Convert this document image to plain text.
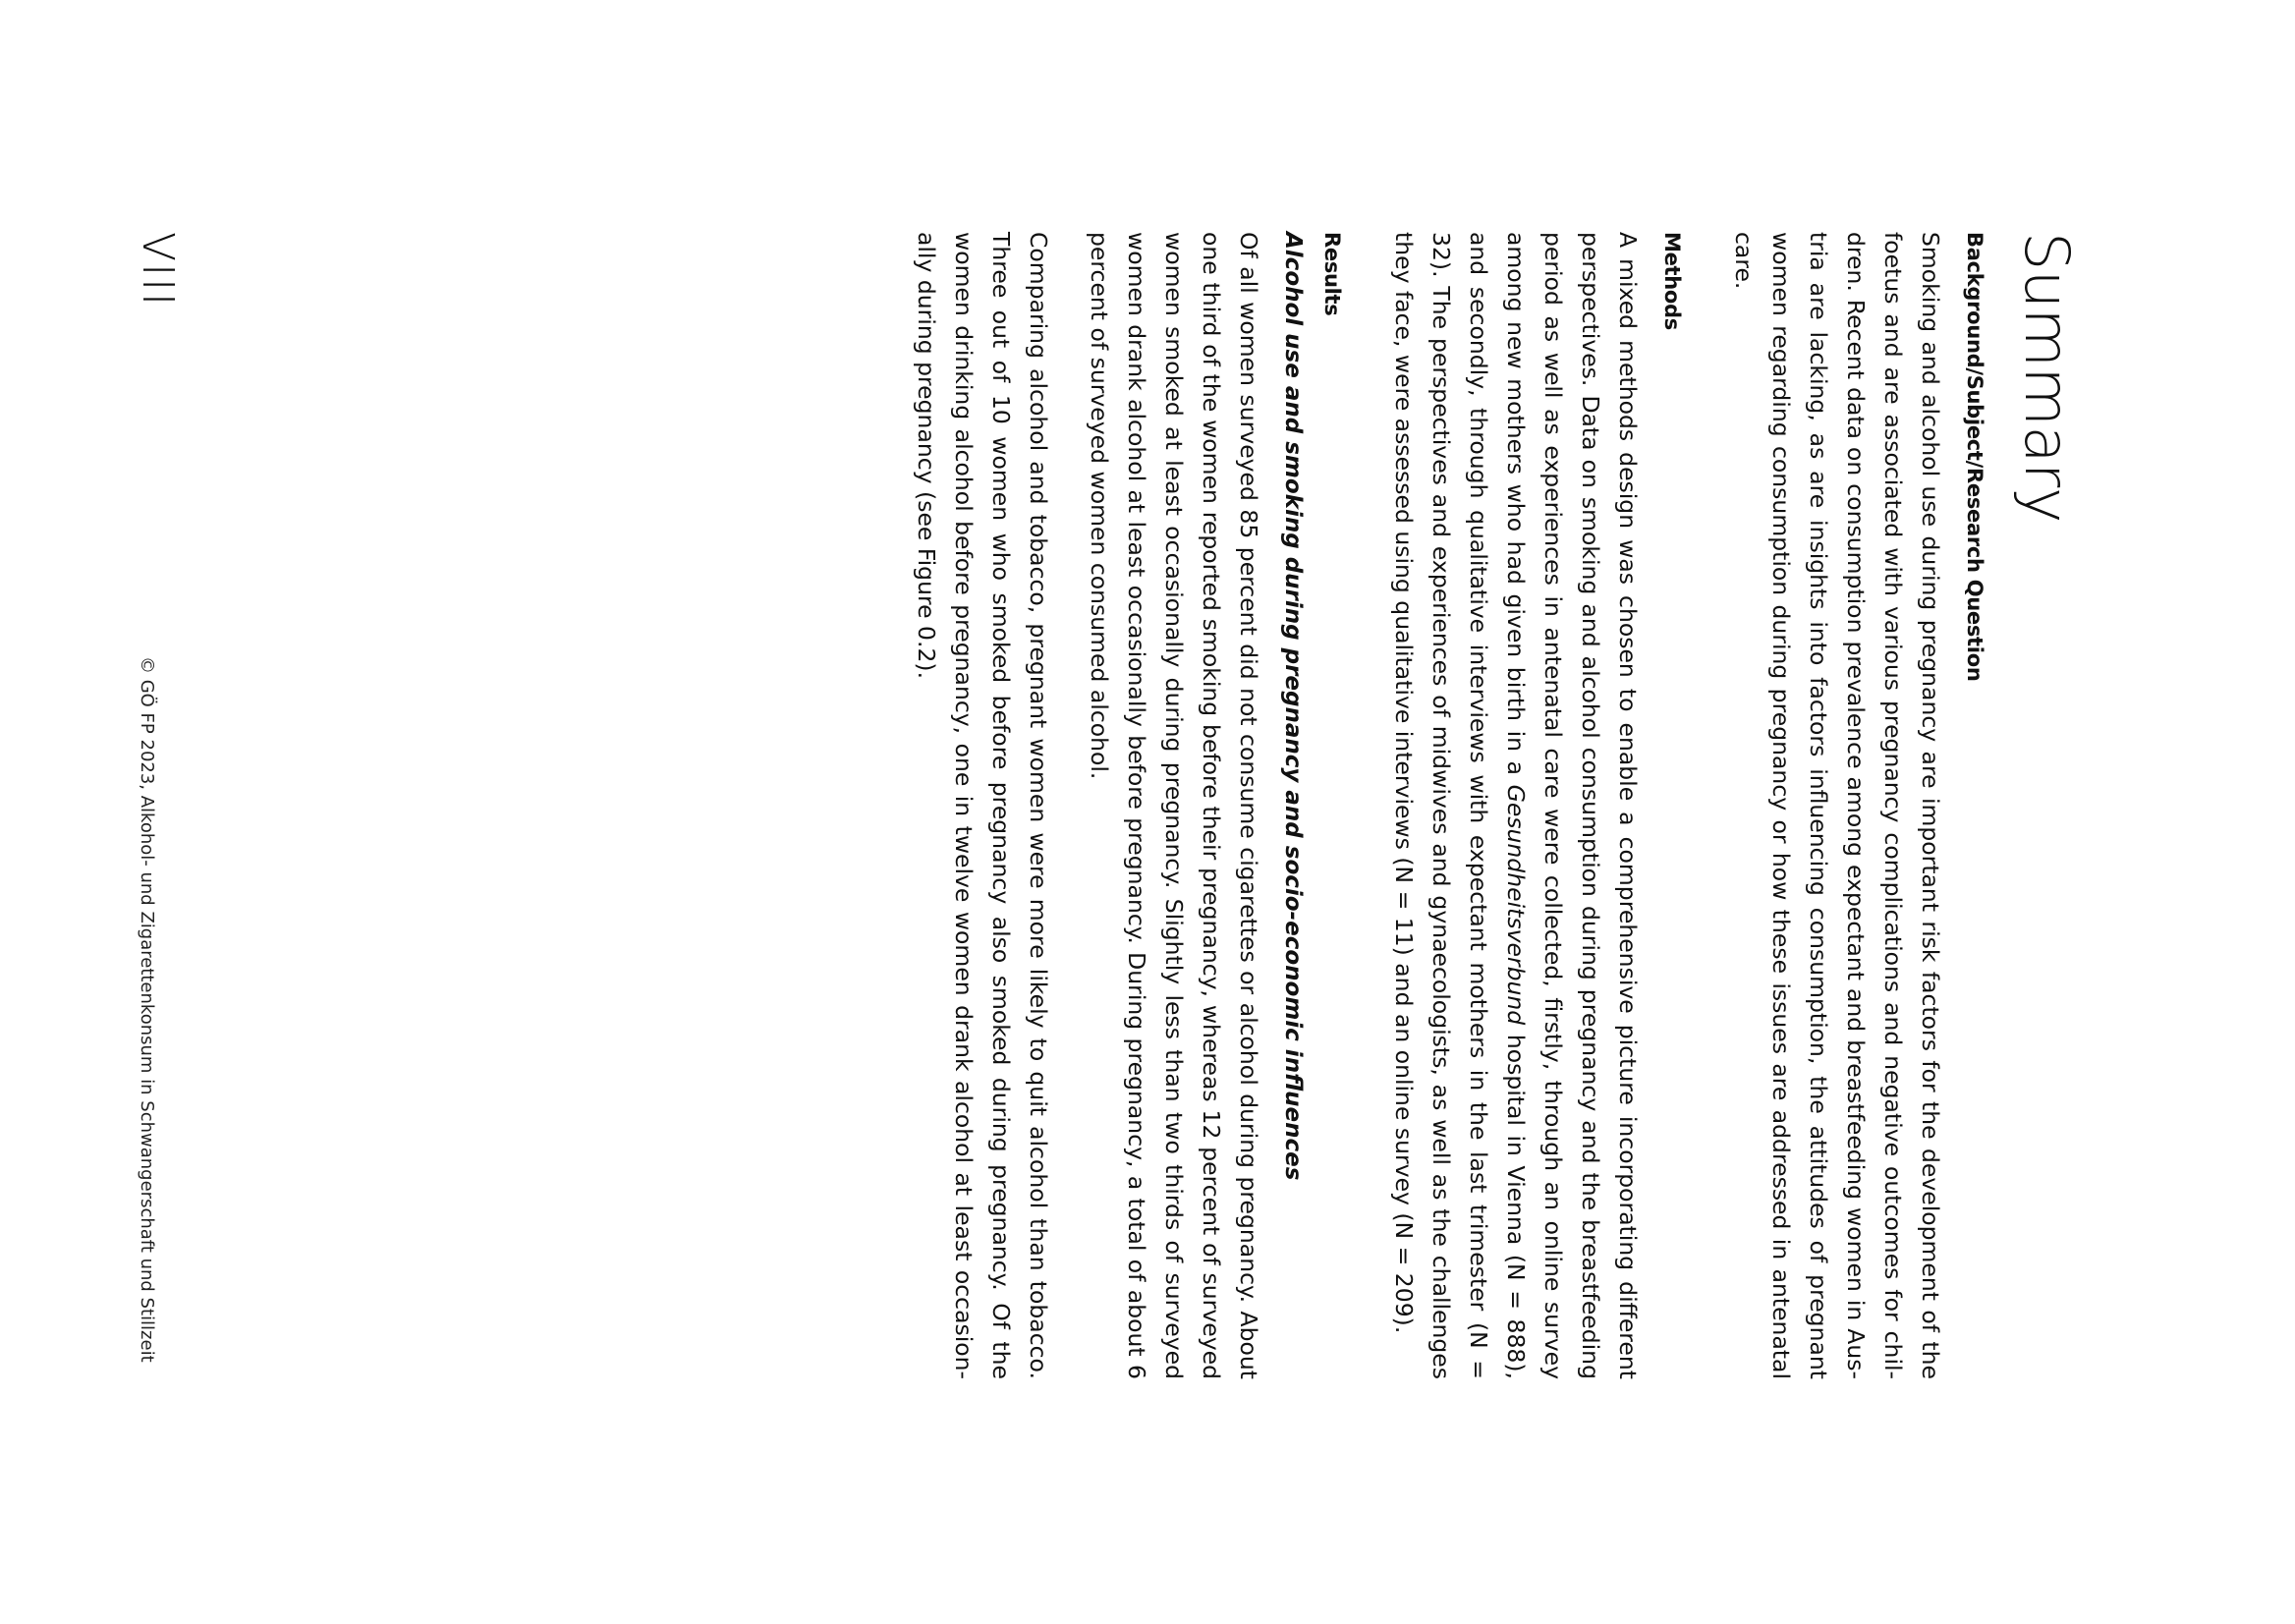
Summary
Background/Subject/Research Question

Smoking and alcohol use during pregnancy are important risk factors for the development of the foetus and are associated with various pregnancy complications and negative outcomes for children. Recent data on consumption prevalence among expectant and breastfeeding women in Austria are lacking, as are insights into factors influencing consumption, the attitudes of pregnant women regarding consumption during pregnancy or how these issues are addressed in antenatal care.

Methods

A mixed methods design was chosen to enable a comprehensive picture incorporating different perspectives. Data on smoking and alcohol consumption during pregnancy and the breastfeeding period as well as experiences in antenatal care were collected, firstly, through an online survey among new mothers who had given birth in a Gesundheitsverbund hospital in Vienna (N = 888), and secondly, through qualitative interviews with expectant mothers in the last trimester (N = 32). The perspectives and experiences of midwives and gynaecologists, as well as the challenges they face, were assessed using qualitative interviews (N = 11) and an online survey (N = 209).

Results
Alcohol use and smoking during pregnancy and socio-economic influences

Of all women surveyed 85 percent did not consume cigarettes or alcohol during pregnancy. About one third of the women reported smoking before their pregnancy, whereas 12 percent of surveyed women smoked at least occasionally during pregnancy. Slightly less than two thirds of surveyed women drank alcohol at least occasionally before pregnancy. During pregnancy, a total of about 6 percent of surveyed women consumed alcohol.

Comparing alcohol and tobacco, pregnant women were more likely to quit alcohol than tobacco. Three out of 10 women who smoked before pregnancy also smoked during pregnancy. Of the women drinking alcohol before pregnancy, one in twelve women drank alcohol at least occasionally during pregnancy (see Figure 0.2).

VIII
© GÖ FP 2023, Alkohol- und Zigarettenkonsum in Schwangerschaft und Stillzeit
